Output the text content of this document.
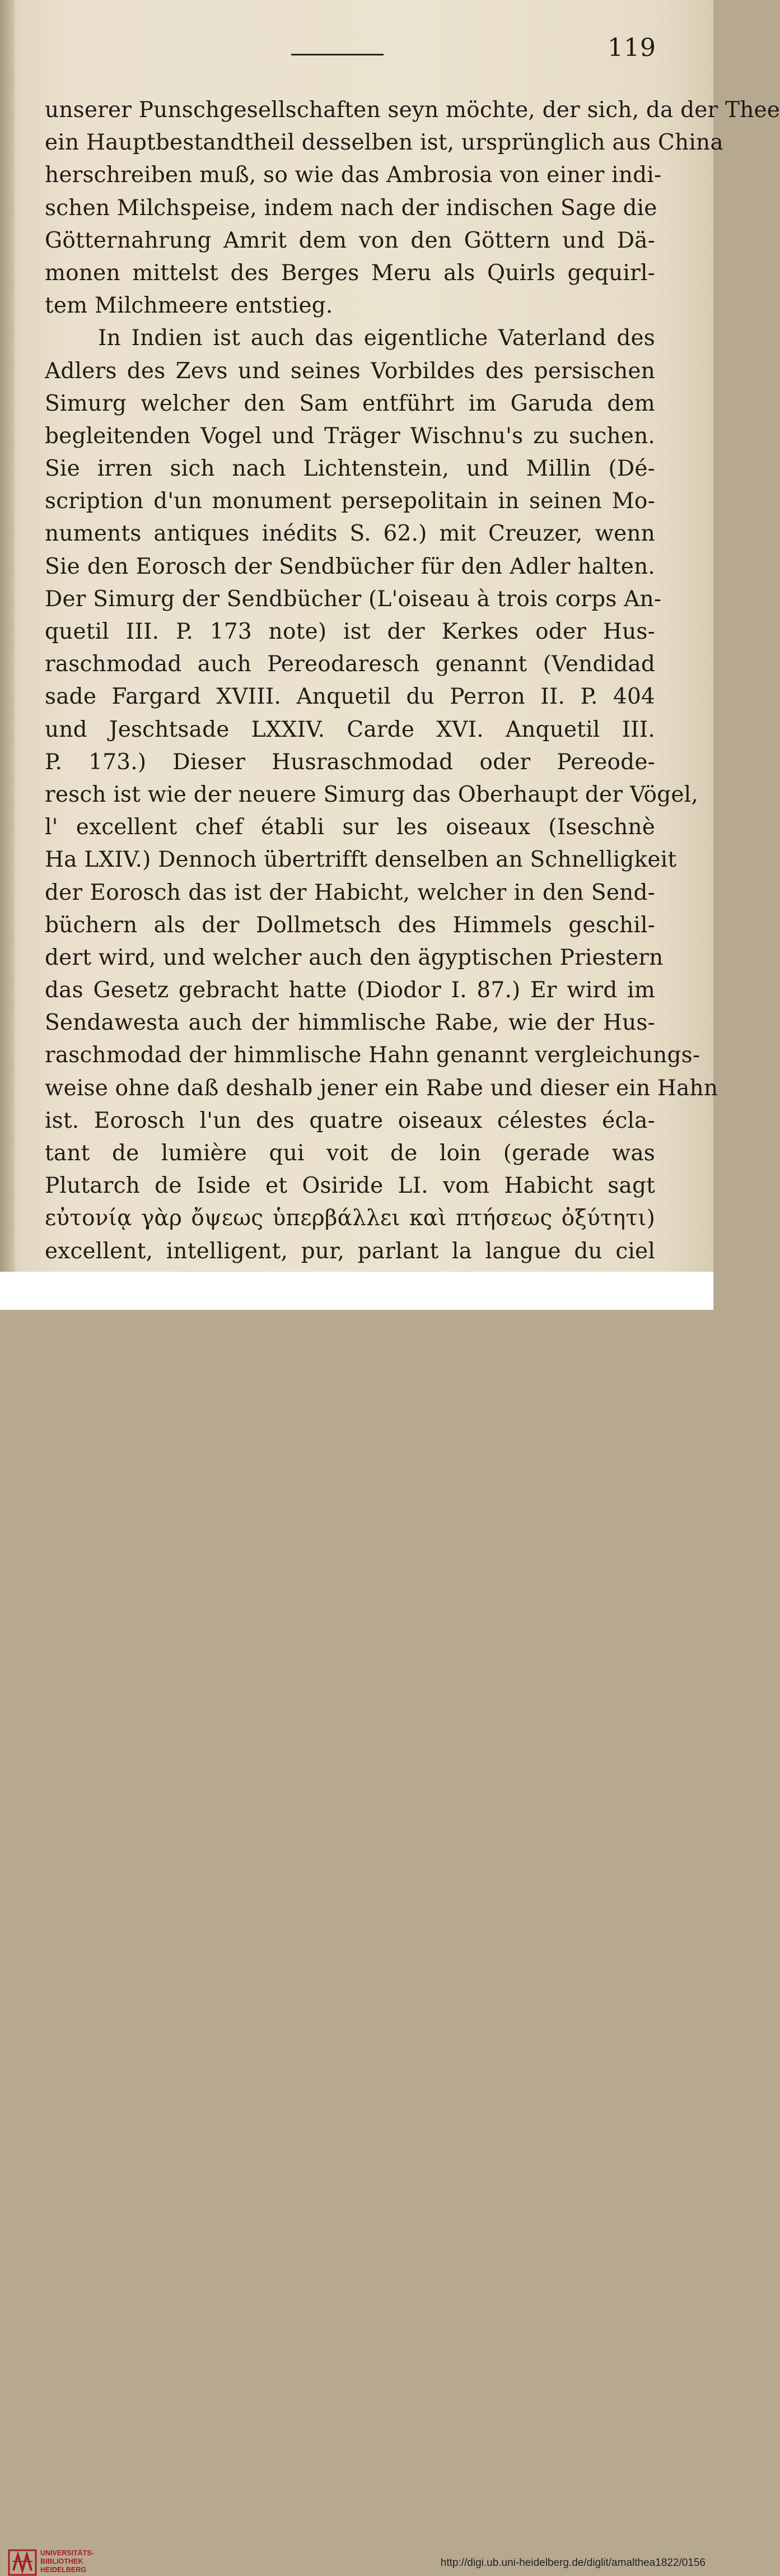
119
unserer Punschgesellschaften seyn möchte, der sich, da der Thee
ein Hauptbestandtheil desselben ist, ursprünglich aus China
herschreiben muß, so wie das Ambrosia von einer indi-
schen Milchspeise, indem nach der indischen Sage die
Götternahrung Amrit dem von den Göttern und Dä-
monen mittelst des Berges Meru als Quirls gequirl-
tem Milchmeere entstieg.
In Indien ist auch das eigentliche Vaterland des
Adlers des Zevs und seines Vorbildes des persischen
Simurg welcher den Sam entführt im Garuda dem
begleitenden Vogel und Träger Wischnu's zu suchen.
Sie irren sich nach Lichtenstein, und Millin (Dé-
scription d'un monument persepolitain in seinen Mo-
numents antiques inédits S. 62.) mit Creuzer, wenn
Sie den Eorosch der Sendbücher für den Adler halten.
Der Simurg der Sendbücher (L'oiseau à trois corps An-
quetil III. P. 173 note) ist der Kerkes oder Hus-
raschmodad auch Pereodaresch genannt (Vendidad
sade Fargard XVIII. Anquetil du Perron II. P. 404
und Jeschtsade LXXIV. Carde XVI. Anquetil III.
P. 173.) Dieser Husraschmodad oder Pereode-
resch ist wie der neuere Simurg das Oberhaupt der Vögel,
l' excellent chef établi sur les oiseaux (Iseschnè
Ha LXIV.) Dennoch übertrifft denselben an Schnelligkeit
der Eorosch das ist der Habicht, welcher in den Send-
büchern als der Dollmetsch des Himmels geschil-
dert wird, und welcher auch den ägyptischen Priestern
das Gesetz gebracht hatte (Diodor I. 87.) Er wird im
Sendawesta auch der himmlische Rabe, wie der Hus-
raschmodad der himmlische Hahn genannt vergleichungs-
weise ohne daß deshalb jener ein Rabe und dieser ein Hahn
ist. Eorosch l'un des quatre oiseaux célestes écla-
tant de lumière qui voit de loin (gerade was
Plutarch de Iside et Osiride LI. vom Habicht sagt
εὐτονίᾳ γὰρ ὄψεως ὑπερβάλλει καὶ πτήσεως ὀξύτητι)
excellent, intelligent, pur, parlant la langue du ciel
UNIVERSITÄTS-
BIBLIOTHEK
HEIDELBERG
http://digi.ub.uni-heidelberg.de/diglit/amalthea1822/0156
